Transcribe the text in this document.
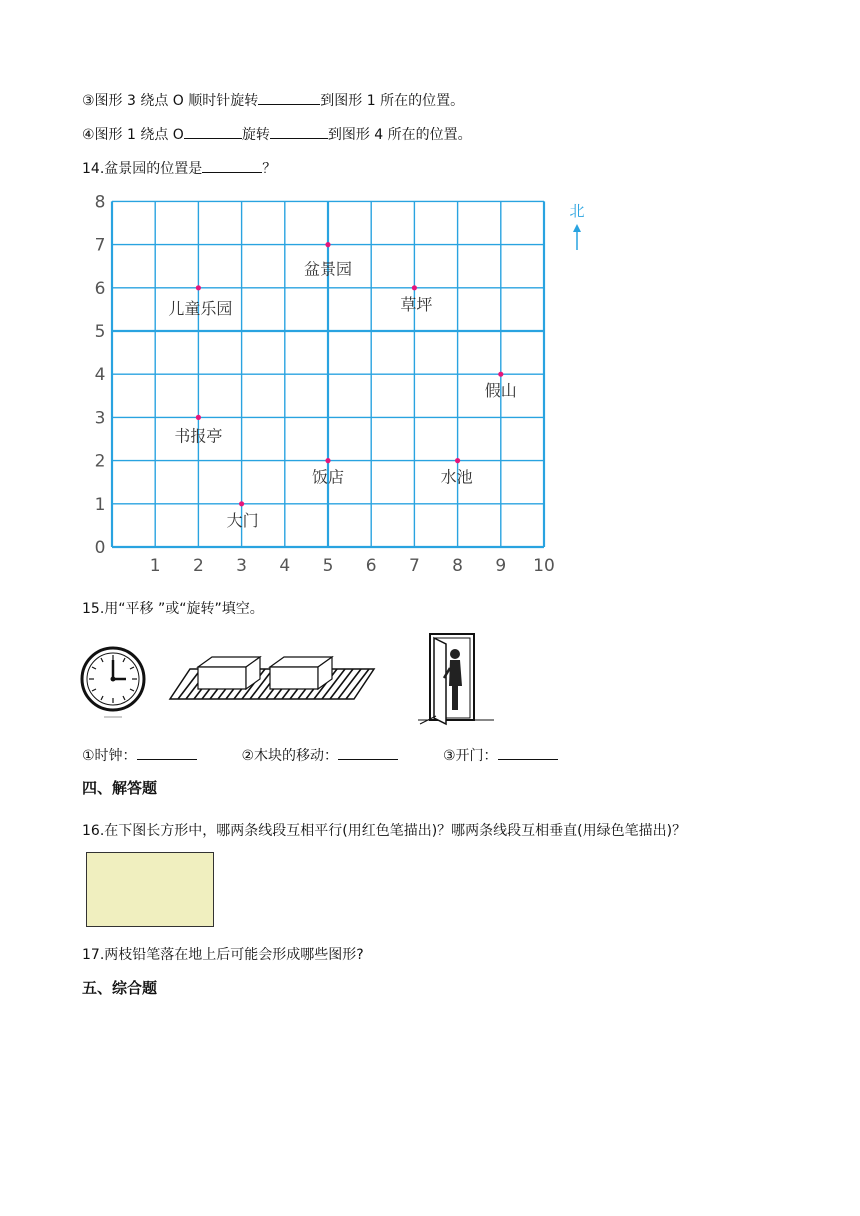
③图形 3 绕点 O 顺时针旋转	到图形 1 所在的位置。
④图形 1 绕点 O	旋转	到图形 4 所在的位置。
14.盆景园的位置是	？
1 2 3 4 5 6 7 8 9 10
0
1
2
3
4
5
6
7
8
大门
饭店	水池
书报亭
假山
儿童乐园	草坪
盆景园
北
15.用“平移 ”或“旋转”填空。
①时钟：	②木块的移动：	③开门：
四、解答题
16.在下图长方形中，哪两条线段互相平行(用红色笔描出)？哪两条线段互相垂直(用绿色笔描出)？
17.两枝铅笔落在地上后可能会形成哪些图形?
五、综合题
